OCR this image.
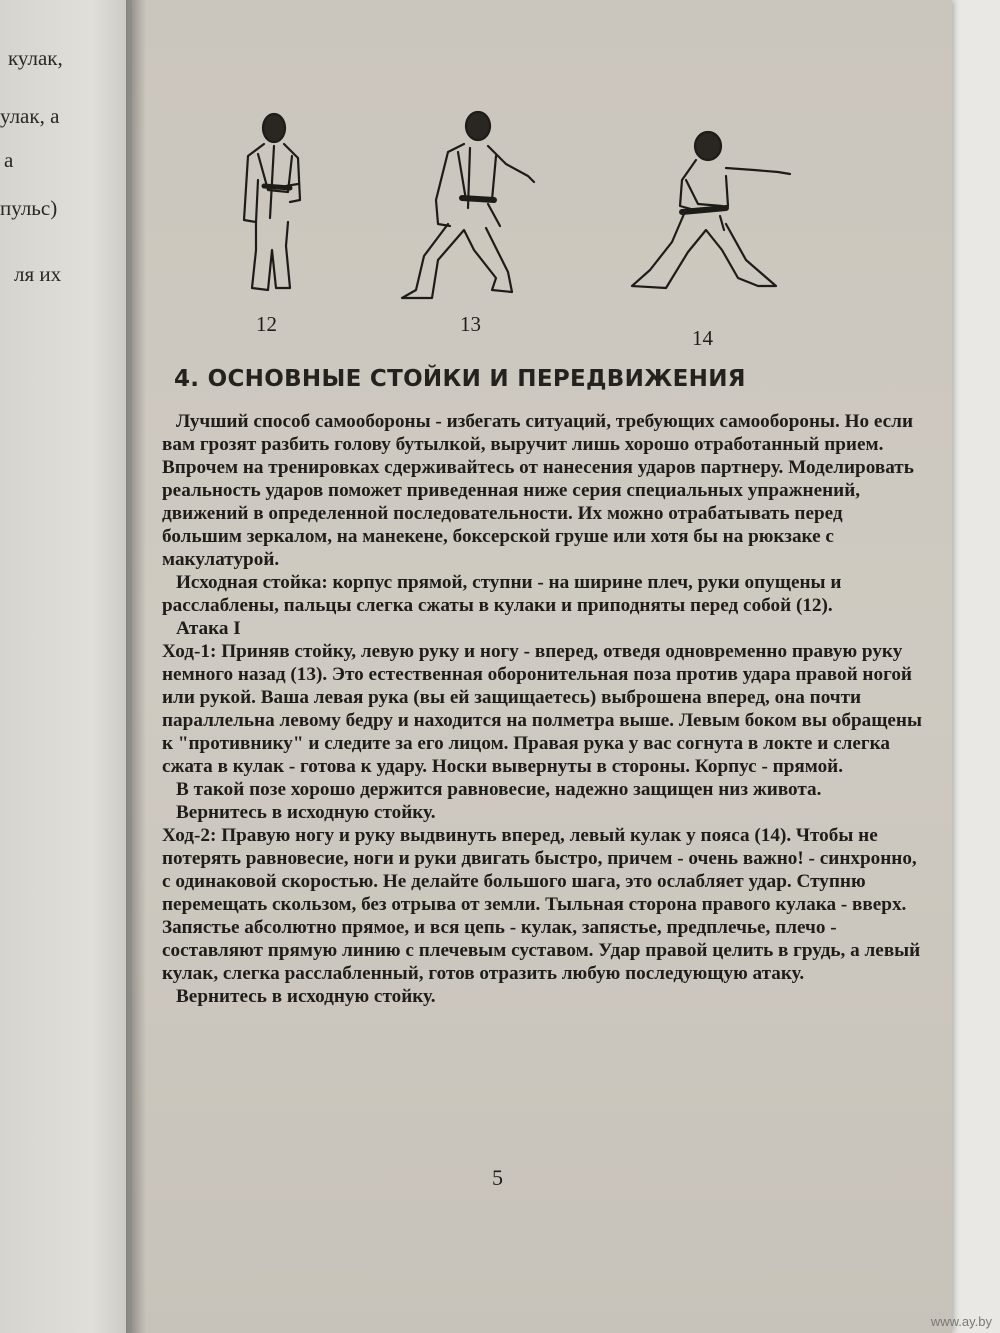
кулак,
улак, а
а
пульс)
ля их
12	13
14
4. ОСНОВНЫЕ СТОЙКИ И ПЕРЕДВИЖЕНИЯ

Лучший способ самообороны - избегать ситуаций, требующих самообороны. Но если вам грозят разбить голову бутылкой, выручит лишь хорошо отработанный прием. Впрочем на тренировках сдерживайтесь от нанесения ударов партнеру. Моделировать реальность ударов поможет приведенная ниже серия специальных упражнений, движений в определенной последовательности. Их можно отрабатывать перед большим зеркалом, на манекене, боксерской груше или хотя бы на рюкзаке с макулатурой.

Исходная стойка: корпус прямой, ступни - на ширине плеч, руки опущены и расслаблены, пальцы слегка сжаты в кулаки и приподняты перед собой (12).

Атака I

Ход-1: Приняв стойку, левую руку и ногу - вперед, отведя одновременно правую руку немного назад (13). Это естественная оборонительная поза против удара правой ногой или рукой. Ваша левая рука (вы ей защищаетесь) выброшена вперед, она почти параллельна левому бедру и находится на полметра выше. Левым боком вы обращены к "противнику" и следите за его лицом. Правая рука у вас согнута в локте и слегка сжата в кулак - готова к удару. Носки вывернуты в стороны. Корпус - прямой.

В такой позе хорошо держится равновесие, надежно защищен низ живота.

Вернитесь в исходную стойку.

Ход-2: Правую ногу и руку выдвинуть вперед, левый кулак у пояса (14). Чтобы не потерять равновесие, ноги и руки двигать быстро, причем - очень важно! - синхронно, с одинаковой скоростью. Не делайте большого шага, это ослабляет удар. Ступню перемещать скользом, без отрыва от земли. Тыльная сторона правого кулака - вверх. Запястье абсолютно прямое, и вся цепь - кулак, запястье, предплечье, плечо - составляют прямую линию с плечевым суставом. Удар правой целить в грудь, а левый кулак, слегка расслабленный, готов отразить любую последующую атаку.

Вернитесь в исходную стойку.

5
www.ay.by
